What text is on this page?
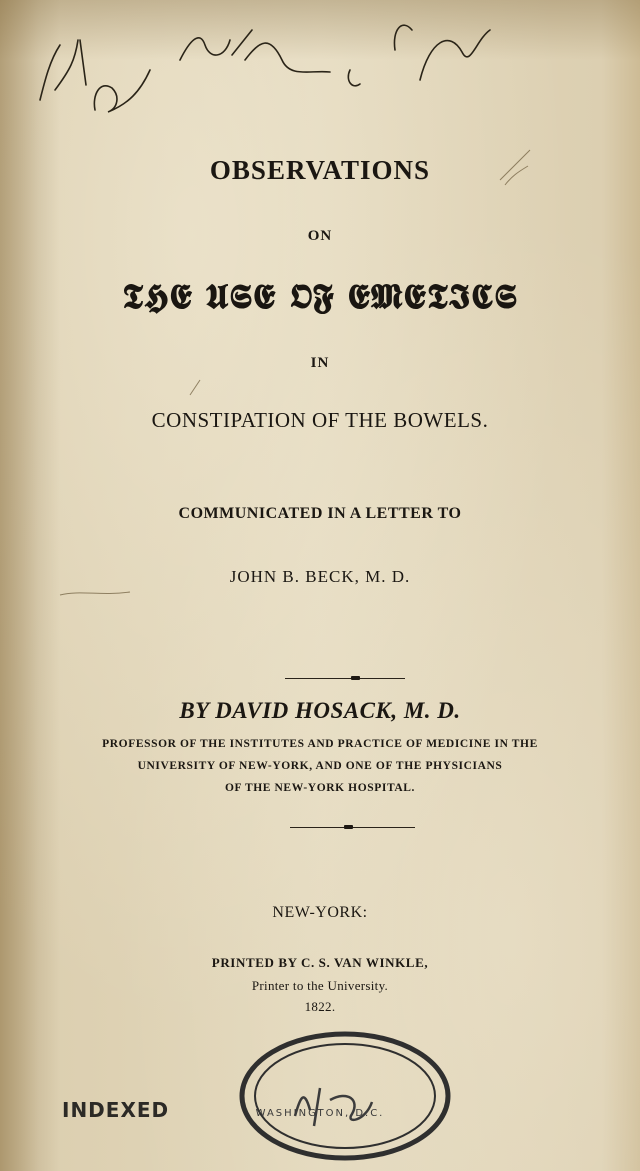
OBSERVATIONS
ON
𝕿𝕳𝕰 𝖀𝕾𝕰 𝕺𝕱 𝕰𝕸𝕰𝕿𝕴𝕮𝕾
IN
CONSTIPATION OF THE BOWELS.
COMMUNICATED IN A LETTER TO
JOHN B. BECK, M. D.
BY DAVID HOSACK, M. D.
PROFESSOR OF THE INSTITUTES AND PRACTICE OF MEDICINE IN THE
UNIVERSITY OF NEW-YORK, AND ONE OF THE PHYSICIANS
OF THE NEW-YORK HOSPITAL.
NEW-YORK:
PRINTED BY C. S. VAN WINKLE,
Printer to the University.
1822.
WASHINGTON, D.C.
INDEXED
